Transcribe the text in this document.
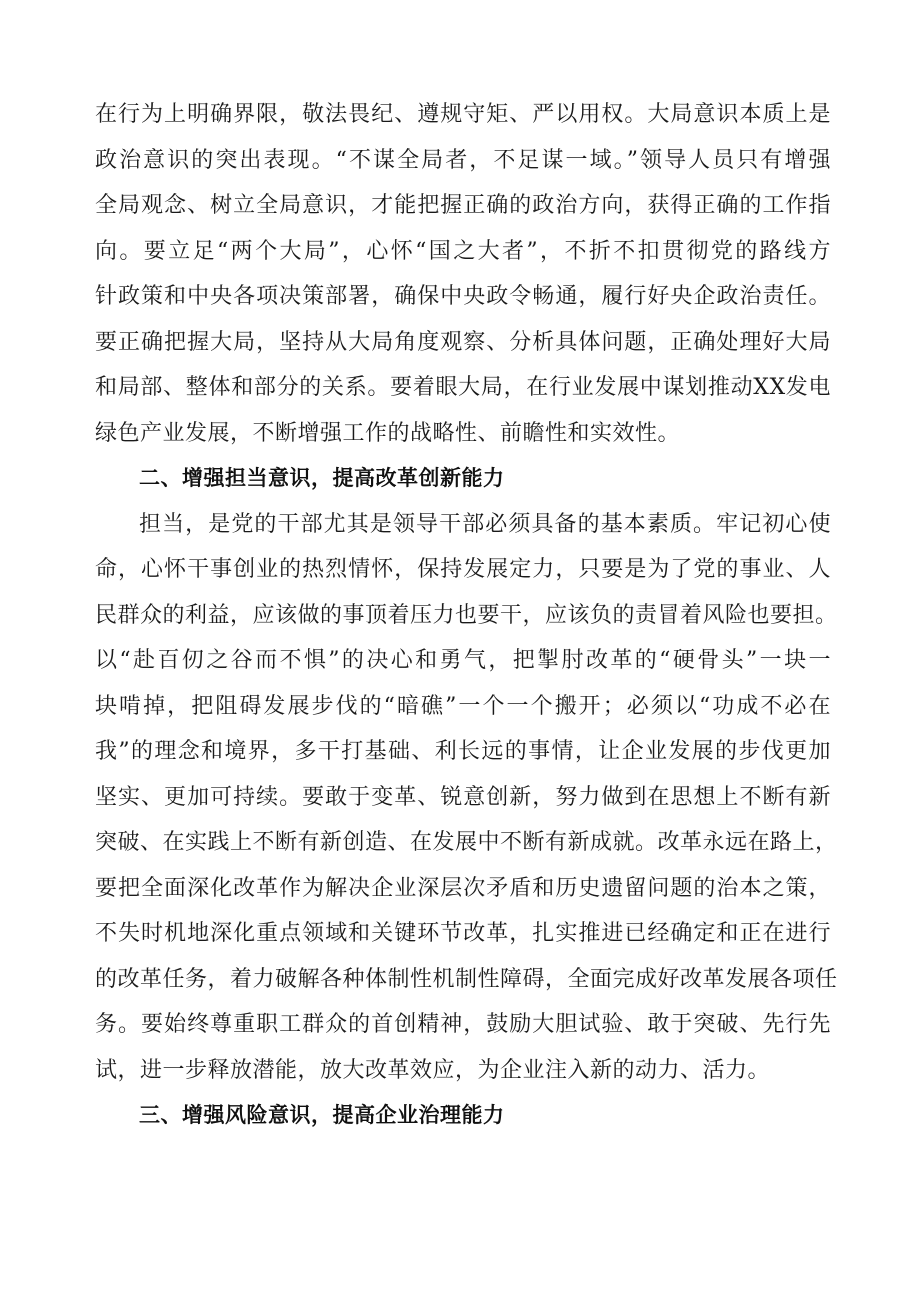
在行为上明确界限，敬法畏纪、遵规守矩、严以用权。大局意识本质上是
政治意识的突出表现。“不谋全局者，不足谋一域。”领导人员只有增强
全局观念、树立全局意识，才能把握正确的政治方向，获得正确的工作指
向。要立足“两个大局”，心怀“国之大者”，不折不扣贯彻党的路线方
针政策和中央各项决策部署，确保中央政令畅通，履行好央企政治责任。
要正确把握大局，坚持从大局角度观察、分析具体问题，正确处理好大局
和局部、整体和部分的关系。要着眼大局，在行业发展中谋划推动XX发电
绿色产业发展，不断增强工作的战略性、前瞻性和实效性。
二、增强担当意识，提高改革创新能力
担当，是党的干部尤其是领导干部必须具备的基本素质。牢记初心使
命，心怀干事创业的热烈情怀，保持发展定力，只要是为了党的事业、人
民群众的利益，应该做的事顶着压力也要干，应该负的责冒着风险也要担。
以“赴百仞之谷而不惧”的决心和勇气，把掣肘改革的“硬骨头”一块一
块啃掉，把阻碍发展步伐的“暗礁”一个一个搬开；必须以“功成不必在
我”的理念和境界，多干打基础、利长远的事情，让企业发展的步伐更加
坚实、更加可持续。要敢于变革、锐意创新，努力做到在思想上不断有新
突破、在实践上不断有新创造、在发展中不断有新成就。改革永远在路上，
要把全面深化改革作为解决企业深层次矛盾和历史遗留问题的治本之策，
不失时机地深化重点领域和关键环节改革，扎实推进已经确定和正在进行
的改革任务，着力破解各种体制性机制性障碍，全面完成好改革发展各项任
务。要始终尊重职工群众的首创精神，鼓励大胆试验、敢于突破、先行先
试，进一步释放潜能，放大改革效应，为企业注入新的动力、活力。
三、增强风险意识，提高企业治理能力
